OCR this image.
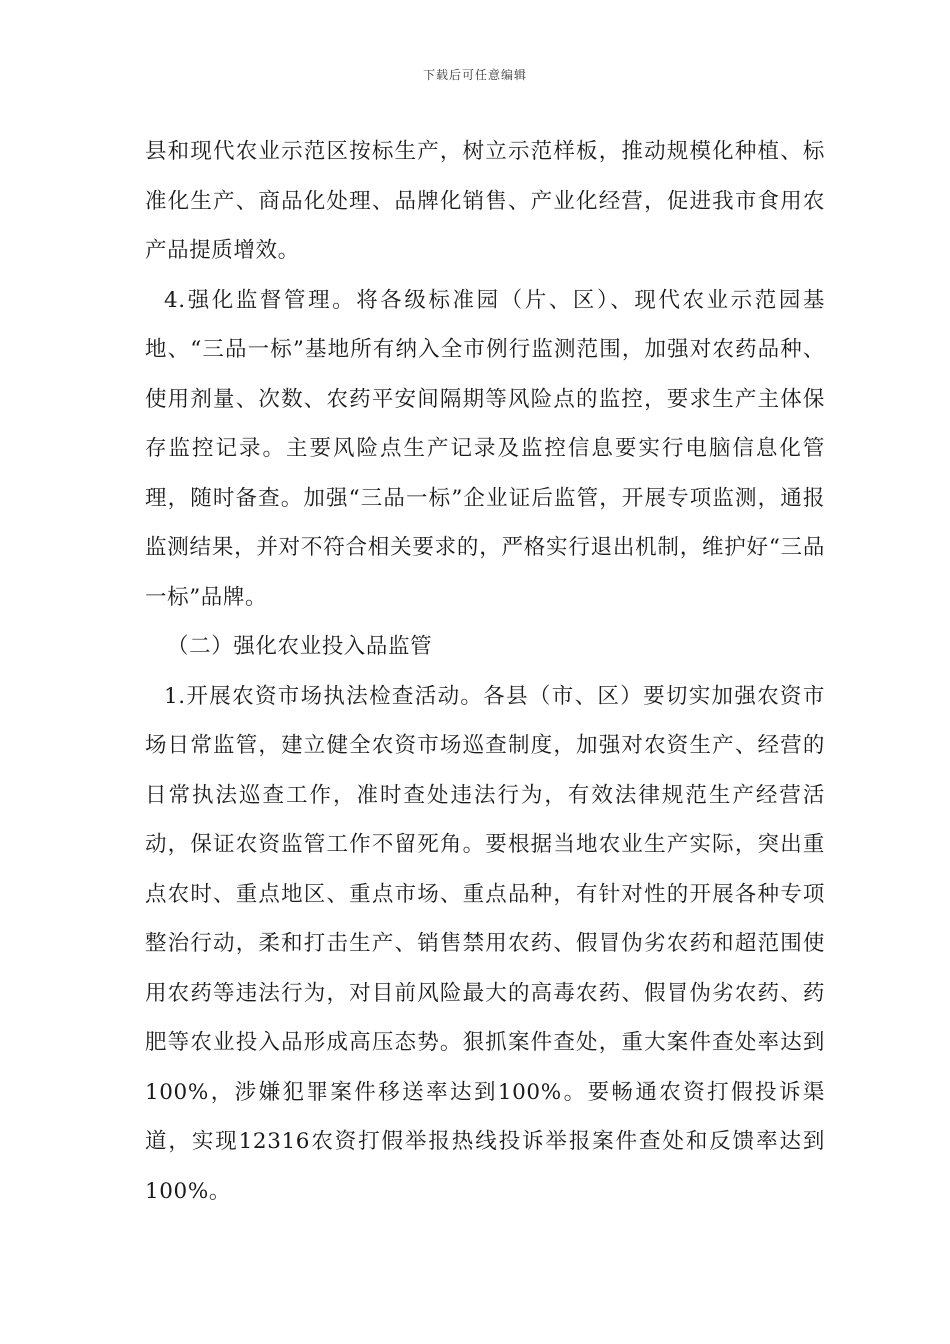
下载后可任意编辑

县和现代农业示范区按标生产，树立示范样板，推动规模化种植、标准化生产、商品化处理、品牌化销售、产业化经营，促进我市食用农产品提质增效。

4.强化监督管理。将各级标准园（片、区）、现代农业示范园基地、“三品一标”基地所有纳入全市例行监测范围，加强对农药品种、使用剂量、次数、农药平安间隔期等风险点的监控，要求生产主体保存监控记录。主要风险点生产记录及监控信息要实行电脑信息化管理，随时备查。加强“三品一标”企业证后监管，开展专项监测，通报监测结果，并对不符合相关要求的，严格实行退出机制，维护好“三品一标”品牌。

（二）强化农业投入品监管

1.开展农资市场执法检查活动。各县（市、区）要切实加强农资市场日常监管，建立健全农资市场巡查制度，加强对农资生产、经营的日常执法巡查工作，准时查处违法行为，有效法律规范生产经营活动，保证农资监管工作不留死角。要根据当地农业生产实际，突出重点农时、重点地区、重点市场、重点品种，有针对性的开展各种专项整治行动，柔和打击生产、销售禁用农药、假冒伪劣农药和超范围使用农药等违法行为，对目前风险最大的高毒农药、假冒伪劣农药、药肥等农业投入品形成高压态势。狠抓案件查处，重大案件查处率达到100%，涉嫌犯罪案件移送率达到100%。要畅通农资打假投诉渠道，实现12316农资打假举报热线投诉举报案件查处和反馈率达到100%。
